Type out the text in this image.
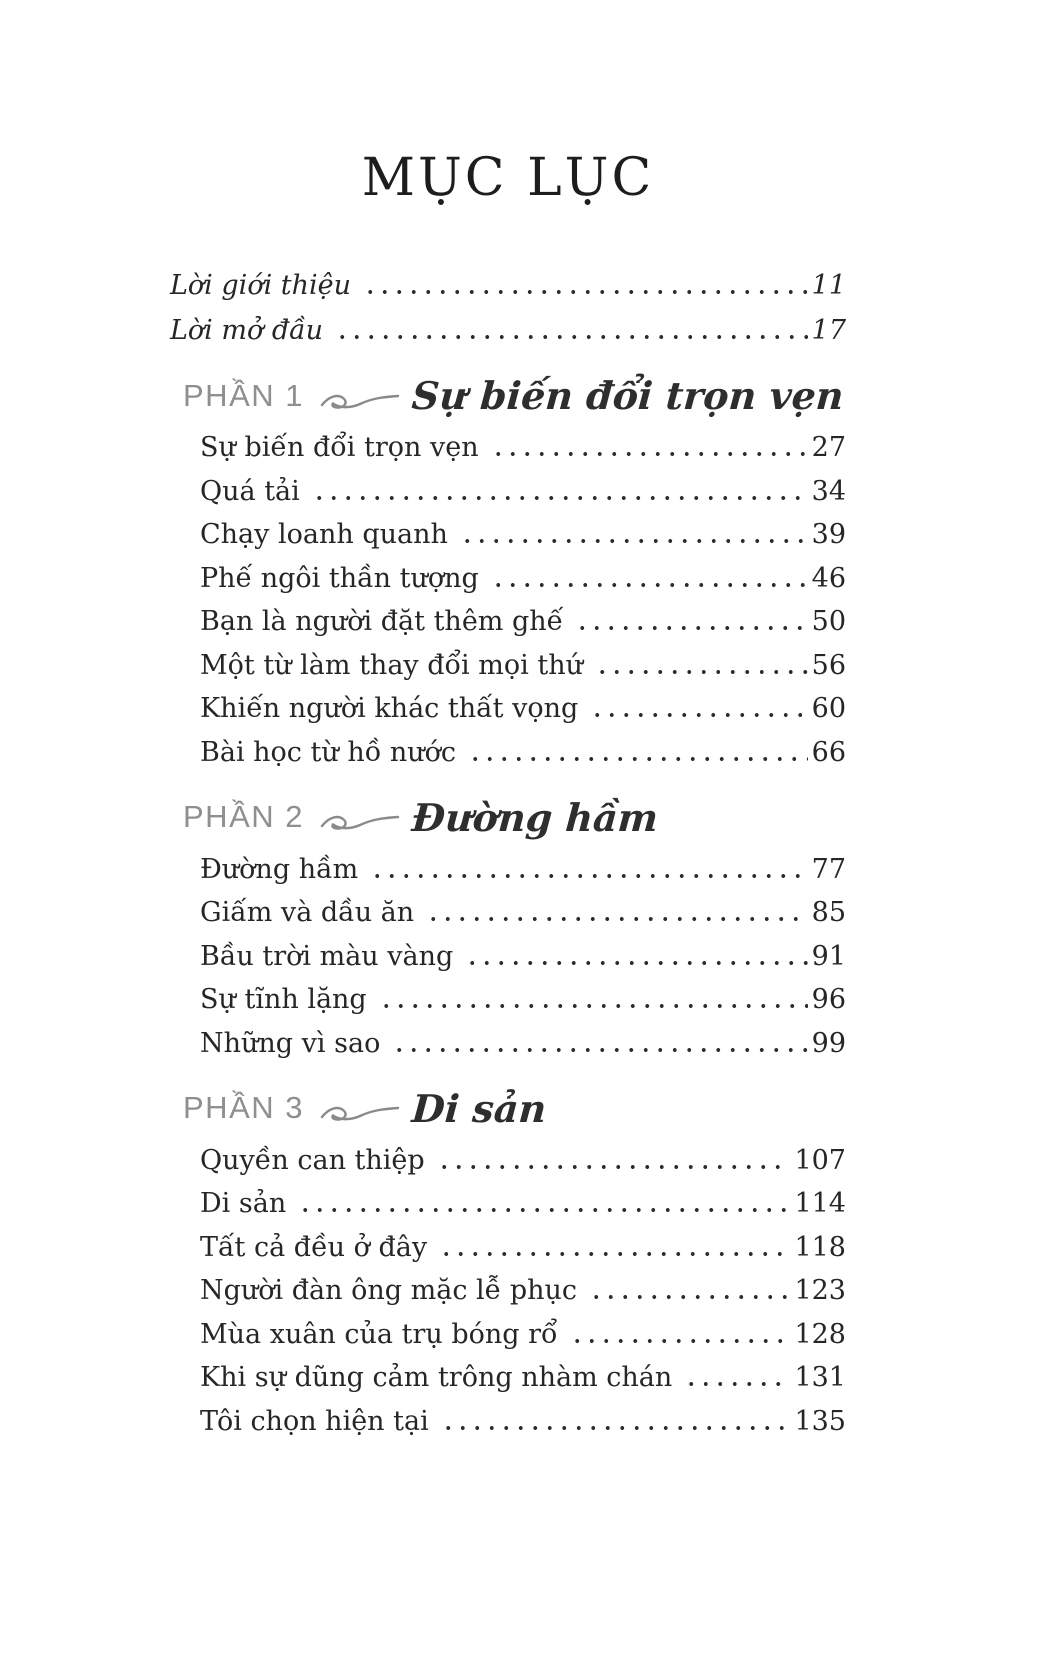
MỤC LỤC
Lời giới thiệu	11
Lời mở đầu	17
PHẦN 1	Sự biến đổi trọn vẹn
Sự biến đổi trọn vẹn	27
Quá tải	34
Chạy loanh quanh	39
Phế ngôi thần tượng	46
Bạn là người đặt thêm ghế	50
Một từ làm thay đổi mọi thứ	56
Khiến người khác thất vọng	60
Bài học từ hồ nước	66
PHẦN 2	Đường hầm
Đường hầm	77
Giấm và dầu ăn	85
Bầu trời màu vàng	91
Sự tĩnh lặng	96
Những vì sao	99
PHẦN 3	Di sản
Quyền can thiệp	107
Di sản	114
Tất cả đều ở đây	118
Người đàn ông mặc lễ phục	123
Mùa xuân của trụ bóng rổ	128
Khi sự dũng cảm trông nhàm chán	131
Tôi chọn hiện tại	135
